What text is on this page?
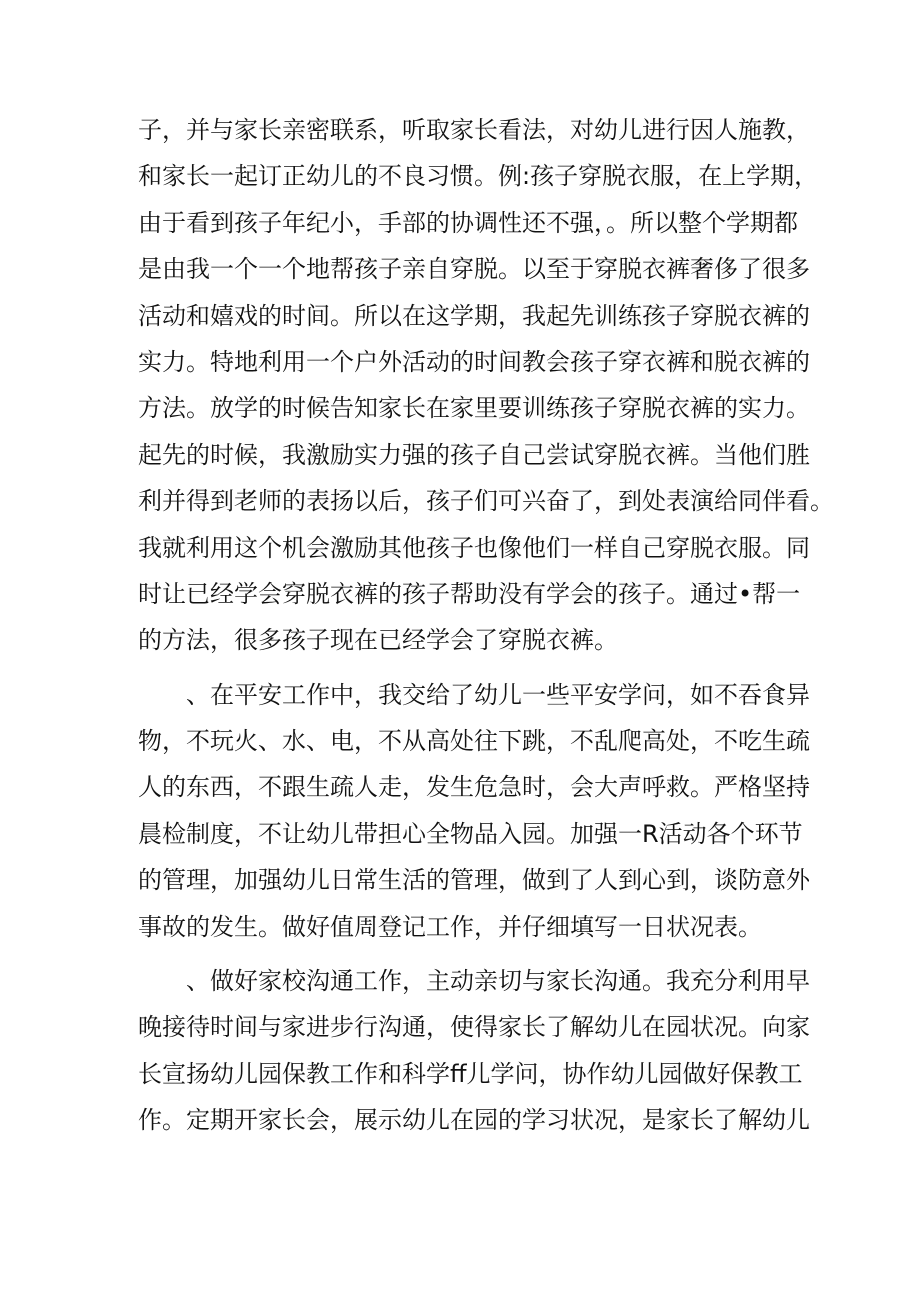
子，并与家长亲密联系，听取家长看法，对幼儿进行因人施教，
和家长一起订正幼儿的不良习惯。例:孩子穿脱衣服，在上学期，
由于看到孩子年纪小，手部的协调性还不强，。所以整个学期都
是由我一个一个地帮孩子亲自穿脱。以至于穿脱衣裤奢侈了很多
活动和嬉戏的时间。所以在这学期，我起先训练孩子穿脱衣裤的
实力。特地利用一个户外活动的时间教会孩子穿衣裤和脱衣裤的
方法。放学的时候告知家长在家里要训练孩子穿脱衣裤的实力。
起先的时候，我激励实力强的孩子自己尝试穿脱衣裤。当他们胜
利并得到老师的表扬以后，孩子们可兴奋了，到处表演给同伴看。
我就利用这个机会激励其他孩子也像他们一样自己穿脱衣服。同
时让已经学会穿脱衣裤的孩子帮助没有学会的孩子。通过•帮一
的方法，很多孩子现在已经学会了穿脱衣裤。
、在平安工作中，我交给了幼儿一些平安学问，如不吞食异
物，不玩火、水、电，不从高处往下跳，不乱爬高处，不吃生疏
人的东西，不跟生疏人走，发生危急时，会大声呼救。严格坚持
晨检制度，不让幼儿带担心全物品入园。加强一R活动各个环节
的管理，加强幼儿日常生活的管理，做到了人到心到，谈防意外
事故的发生。做好值周登记工作，并仔细填写一日状况表。
、做好家校沟通工作，主动亲切与家长沟通。我充分利用早
晚接待时间与家进步行沟通，使得家长了解幼儿在园状况。向家
长宣扬幼儿园保教工作和科学ff儿学问，协作幼儿园做好保教工
作。定期开家长会，展示幼儿在园的学习状况，是家长了解幼儿
